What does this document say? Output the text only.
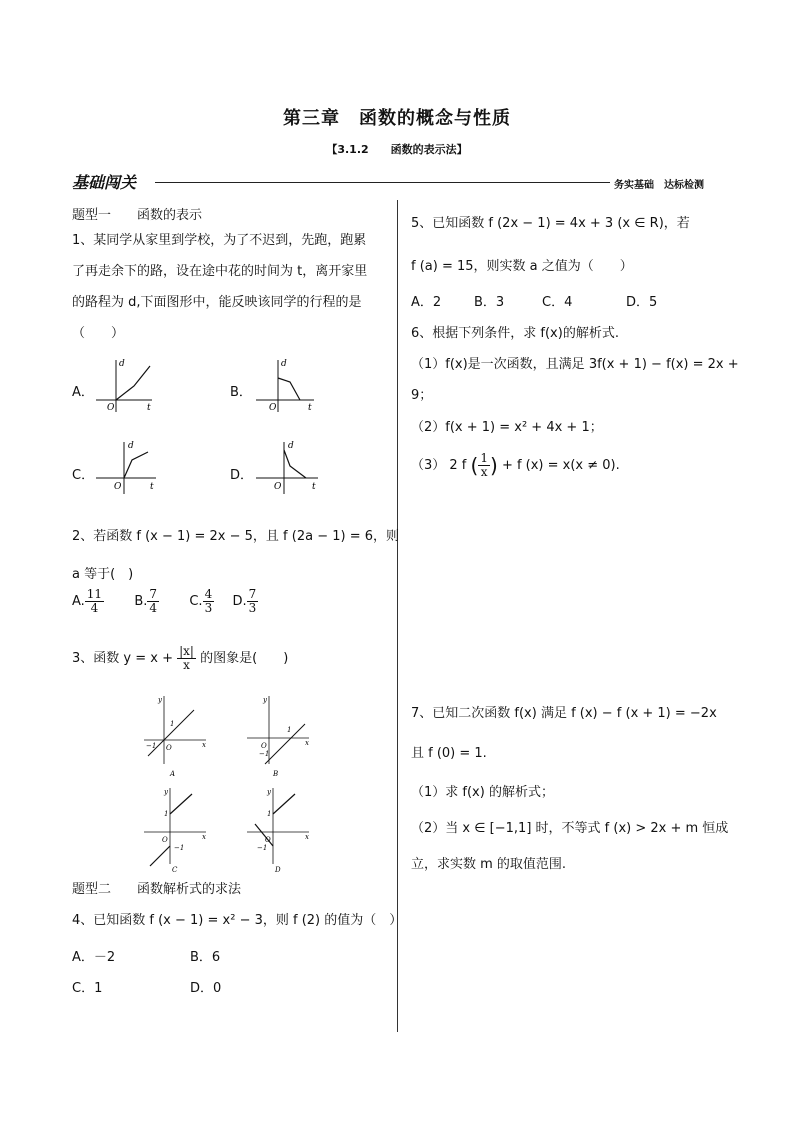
第三章　函数的概念与性质
【3.1.2　　函数的表示法】
基础闯关	务实基础　达标检测
题型一　　函数的表示
1、某同学从家里到学校，为了不迟到，先跑，跑累
了再走余下的路，设在途中花的时间为 t，离开家里
的路程为 d,下面图形中，能反映该同学的行程的是
（　　）
A．
d
t
O
B．
d
t
O
C．
d
t
O
D．
d
t
O
2、若函数 f (x − 1) = 2x − 5，且 f (2a − 1) = 6，则
a 等于(　)
A. $\frac{11}{4} B$. $\frac{7}{4} C$. $\frac{4}{3} D$. $\frac{7}{3}$
3、函数 $y = x + \frac{|x|}{x}$ 的图象是(　　)
y
x
O
1
−1
A
y
x
O
1
−1
B
y
x
O
1
−1
C
y
x
O
1
−1
D
题型二　　函数解析式的求法
4、已知函数 f (x − 1) = x² − 3，则 f (2) 的值为（　）
A．－2	B．6
C．1	D．0
5、已知函数 f (2x − 1) = 4x + 3 (x ∈ R)，若
f (a) = 15，则实数 a 之值为（　　）
A．2	B．3	C．4	D．5
6、根据下列条件，求 f(x)的解析式.
（1）f(x)是一次函数，且满足 3f(x + 1) − f(x) = 2x +
9；
（2）f(x + 1) = x² + 4x + 1；
（3） 2 f ( $\frac{1}{x}$ ) + f (x) = x(x ≠ 0).
7、已知二次函数 f(x) 满足 f (x) − f (x + 1) = −2x
且 f (0) = 1.
（1）求 f(x) 的解析式；
（2）当 x ∈ [−1,1] 时，不等式 f (x) > 2x + m 恒成
立，求实数 m 的取值范围.
